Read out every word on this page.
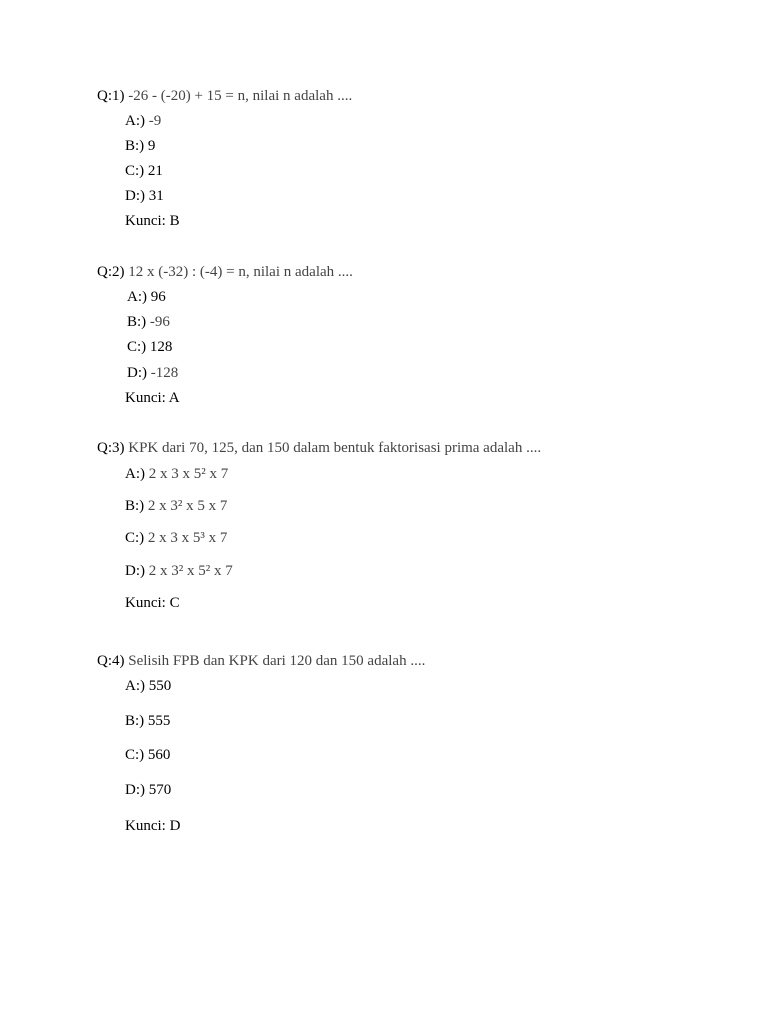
Q:1) -26 - (-20) + 15 = n, nilai n adalah ....
A:) -9
B:) 9
C:) 21
D:) 31
Kunci: B
Q:2) 12 x (-32) : (-4) = n, nilai n adalah ....
A:) 96
B:) -96
C:) 128
D:) -128
Kunci: A
Q:3) KPK dari 70, 125, dan 150 dalam bentuk faktorisasi prima adalah ....
A:) 2 x 3 x 5² x 7
B:) 2 x 3² x 5 x 7
C:) 2 x 3 x 5³ x 7
D:) 2 x 3² x 5² x 7
Kunci: C
Q:4) Selisih FPB dan KPK dari 120 dan 150 adalah ....
A:) 550
B:) 555
C:) 560
D:) 570
Kunci: D
